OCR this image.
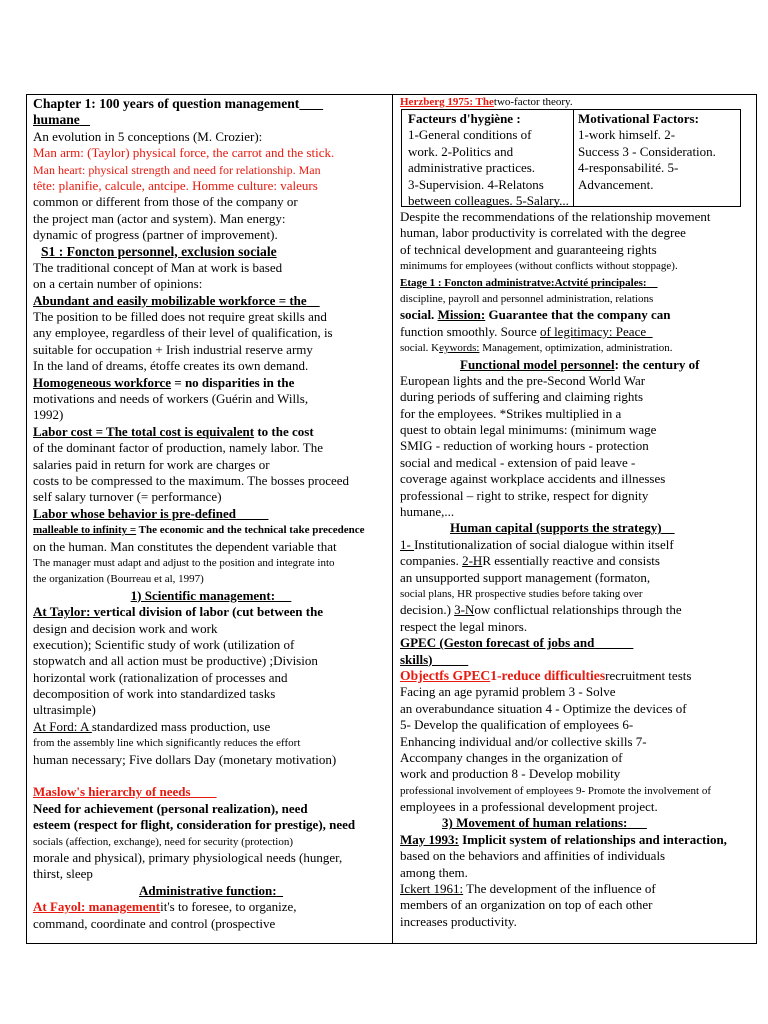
Chapter 1: 100 years of question management
humane
An evolution in 5 conceptions (M. Crozier):
Man arm: (Taylor) physical force, the carrot and the stick.
Man heart: physical strength and need for relationship. Man
tête: planifie, calcule, antcipe. Homme culture: valeurs
common or different from those of the company or
the project man (actor and system). Man energy:
dynamic of progress (partner of improvement).
S1 : Foncton personnel, exclusion sociale
The traditional concept of Man at work is based
on a certain number of opinions:
Abundant and easily mobilizable workforce = the
The position to be filled does not require great skills and
any employee, regardless of their level of qualification, is
suitable for occupation + Irish industrial reserve army
In the land of dreams, étoffe creates its own demand.
Homogeneous workforce = no disparities in the
motivations and needs of workers (Guérin and Wills,
1992)
Labor cost = The total cost is equivalent to the cost
of the dominant factor of production, namely labor. The
salaries paid in return for work are charges or
costs to be compressed to the maximum. The bosses proceed
self salary turnover (= performance)
Labor whose behavior is pre-defined
malleable to infinity = The economic and the technical take precedence
on the human. Man constitutes the dependent variable that
The manager must adapt and adjust to the position and integrate into
the organization (Bourreau et al, 1997)
1) Scientific management:
At Taylor: vertical division of labor (cut between the
design and decision work and work
execution); Scientific study of work (utilization of
stopwatch and all action must be productive) ;Division
horizontal work (rationalization of processes and
decomposition of work into standardized tasks
ultrasimple)
At Ford: A standardized mass production, use
from the assembly line which significantly reduces the effort
human necessary; Five dollars Day (monetary motivation)
Maslow's hierarchy of needs
Need for achievement (personal realization), need
esteem (respect for flight, consideration for prestige), need
socials (affection, exchange), need for security (protection)
morale and physical), primary physiological needs (hunger,
thirst, sleep
Administrative function:
At Fayol: managementit's to foresee, to organize,
command, coordinate and control (prospective
Herzberg 1975: Thetwo-factor theory.
Facteurs d'hygiène :
1-General conditions of
work. 2-Politics and
administrative practices.
3-Supervision. 4-Relatons
between colleagues. 5-Salary...
Motivational Factors:
1-work himself. 2-
Success 3 - Consideration.
4-responsabilité. 5-
Advancement.
Despite the recommendations of the relationship movement
human, labor productivity is correlated with the degree
of technical development and guaranteeing rights
minimums for employees (without conflicts without stoppage).
Etage 1 : Foncton administratve:Actvité principales:
discipline, payroll and personnel administration, relations
social. Mission: Guarantee that the company can
function smoothly. Source of legitimacy: Peace
social. Keywords: Management, optimization, administration.
Functional model personnel: the century of
European lights and the pre-Second World War
during periods of suffering and claiming rights
for the employees. *Strikes multiplied in a
quest to obtain legal minimums: (minimum wage
SMIG - reduction of working hours - protection
social and medical - extension of paid leave -
coverage against workplace accidents and illnesses
professional – right to strike, respect for dignity
humane,...
Human capital (supports the strategy)
1- Institutionalization of social dialogue within itself
companies. 2-HR essentially reactive and consists
an unsupported support management (formaton,
social plans, HR prospective studies before taking over
decision.) 3-Now conflictual relationships through the
respect the legal minors.
GPEC (Geston forecast of jobs and
skills)
Objectfs GPEC1-reduce difficultiesrecruitment tests
Facing an age pyramid problem 3 - Solve
an overabundance situation 4 - Optimize the devices of
5- Develop the qualification of employees 6-
Enhancing individual and/or collective skills 7-
Accompany changes in the organization of
work and production 8 - Develop mobility
professional involvement of employees 9- Promote the involvement of
employees in a professional development project.
3) Movement of human relations:
May 1993: Implicit system of relationships and interaction,
based on the behaviors and affinities of individuals
among them.
Ickert 1961: The development of the influence of
members of an organization on top of each other
increases productivity.
